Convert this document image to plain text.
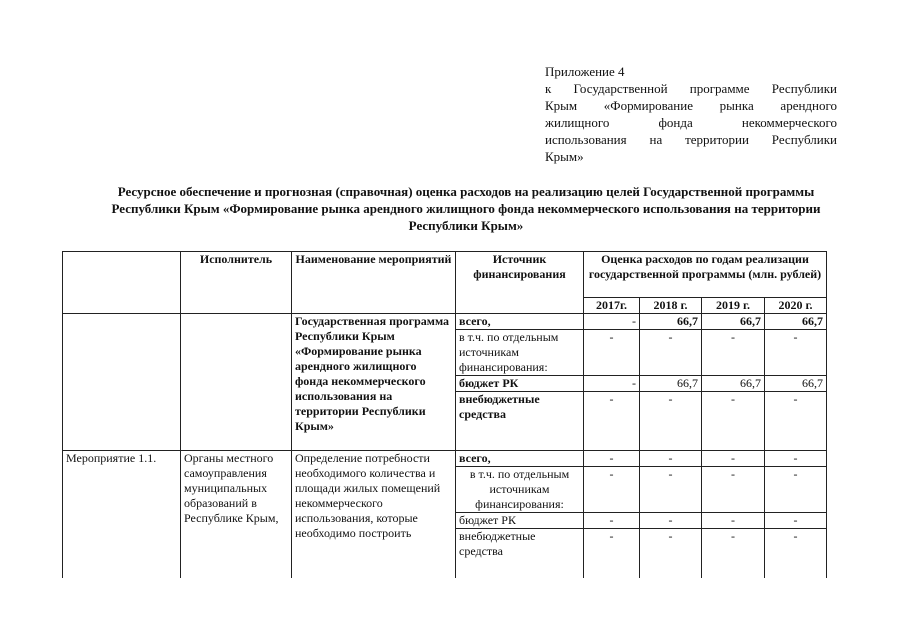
Приложение 4
к Государственной программе Республики
Крым «Формирование рынка арендного
жилищного фонда некоммерческого
использования на территории Республики
Крым»
Ресурсное обеспечение и прогнозная (справочная) оценка расходов на реализацию целей Государственной программы Республики Крым «Формирование рынка арендного жилищного фонда некоммерческого использования на территории Республики Крым»
	Исполнитель	Наименование мероприятий	Источник финансирования	Оценка расходов по годам реализации государственной программы (млн. рублей)			
				2017г.	2018 г.	2019 г.	2020 г.
		Государственная программа Республики Крым «Формирование рынка арендного жилищного фонда некоммерческого использования на территории Республики Крым»	всего,	-	66,7	66,7	66,7
			в т.ч. по отдельным источникам финансирования:	-	-	-	-
			бюджет РК	-	66,7	66,7	66,7
			внебюджетные средства	-	-	-	-
Мероприятие 1.1.	Органы местного самоуправления муниципальных образований в Республике Крым,	Определение потребности необходимого количества и площади жилых помещений некоммерческого использования, которые необходимо построить	всего,	-	-	-	-
			в т.ч. по отдельным источникам финансирования:	-	-	-	-
			бюджет РК	-	-	-	-
			внебюджетные средства	-	-	-	-
